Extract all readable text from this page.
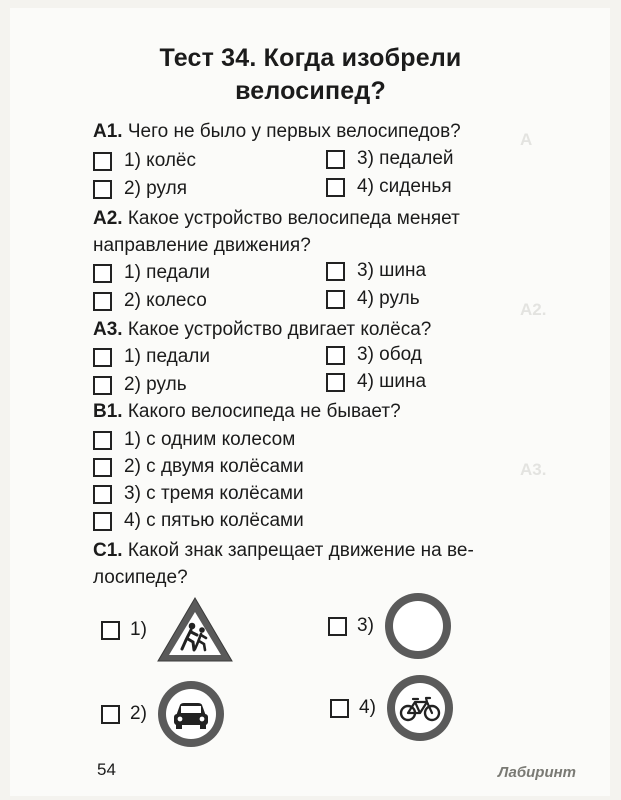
А
А2.
А3.
Тест 34. Когда изобрели
велосипед?
А1. Чего не было у первых велосипедов?
1) колёс
2) руля
3) педалей
4) сиденья
А2. Какое устройство велосипеда меняет
направление движения?
1) педали
2) колесо
3) шина
4) руль
А3. Какое устройство двигает колёса?
1) педали
2) руль
3) обод
4) шина
В1. Какого велосипеда не бывает?
1) с одним колесом
2) с двумя колёсами
3) с тремя колёсами
4) с пятью колёсами
С1. Какой знак запрещает движение на ве-
лосипеде?
1)	3)
2)	4)
54	Лабиринт
